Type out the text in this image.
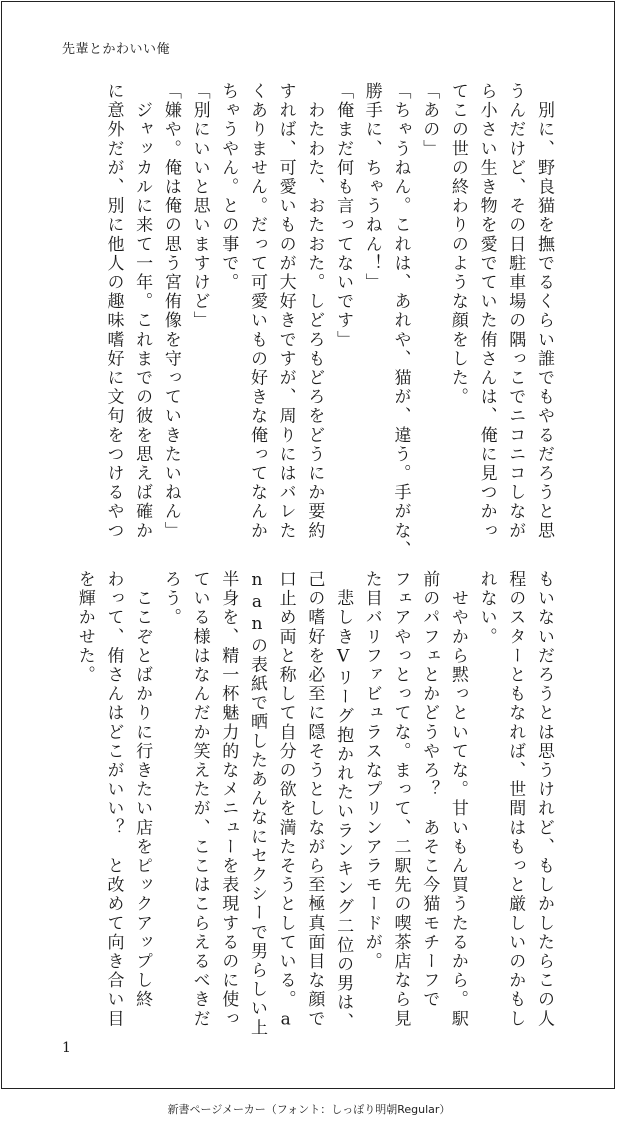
先輩とかわいい俺
　別に、野良猫を撫でるくらい誰でもやるだろうと思
うんだけど、その日駐車場の隅っこでニコニコしなが
ら小さい生き物を愛でていた侑さんは、俺に見つかっ
てこの世の終わりのような顔をした。
「あの」
「ちゃうねん。これは、あれや、猫が、違う。手がな、
勝手に、ちゃうねん！」
「俺まだ何も言ってないです」
　わたわた、おたおた。しどろもどろをどうにか要約
すれば、可愛いものが大好きですが、周りにはバレた
くありません。だって可愛いもの好きな俺ってなんか
ちゃうやん。との事で。
「別にいいと思いますけど」
「嫌や。俺は俺の思う宮侑像を守っていきたいねん」
　ジャッカルに来て一年。これまでの彼を思えば確か
に意外だが、別に他人の趣味嗜好に文句をつけるやつ
もいないだろうとは思うけれど、もしかしたらこの人
程のスターともなれば、世間はもっと厳しいのかもし
れない。
　せやから黙っといてな。甘いもん買うたるから。駅
前のパフェとかどうやろ？　あそこ今猫モチーフで
フェアやっとってな。まって、二駅先の喫茶店なら見
た目バリファビュラスなプリンアラモードが。
　悲しきVリーグ抱かれたいランキング二位の男は、
己の嗜好を必至に隠そうとしながら至極真面目な顔で
口止め両と称して自分の欲を満たそうとしている。a
nanの表紙で晒したあんなにセクシーで男らしい上
半身を、精一杯魅力的なメニューを表現するのに使っ
ている様はなんだか笑えたが、ここはこらえるべきだ
ろう。
　ここぞとばかりに行きたい店をピックアップし終
わって、侑さんはどこがいい？　と改めて向き合い目
を輝かせた。
1
新書ページメーカー（フォント：しっぽり明朝Regular）
